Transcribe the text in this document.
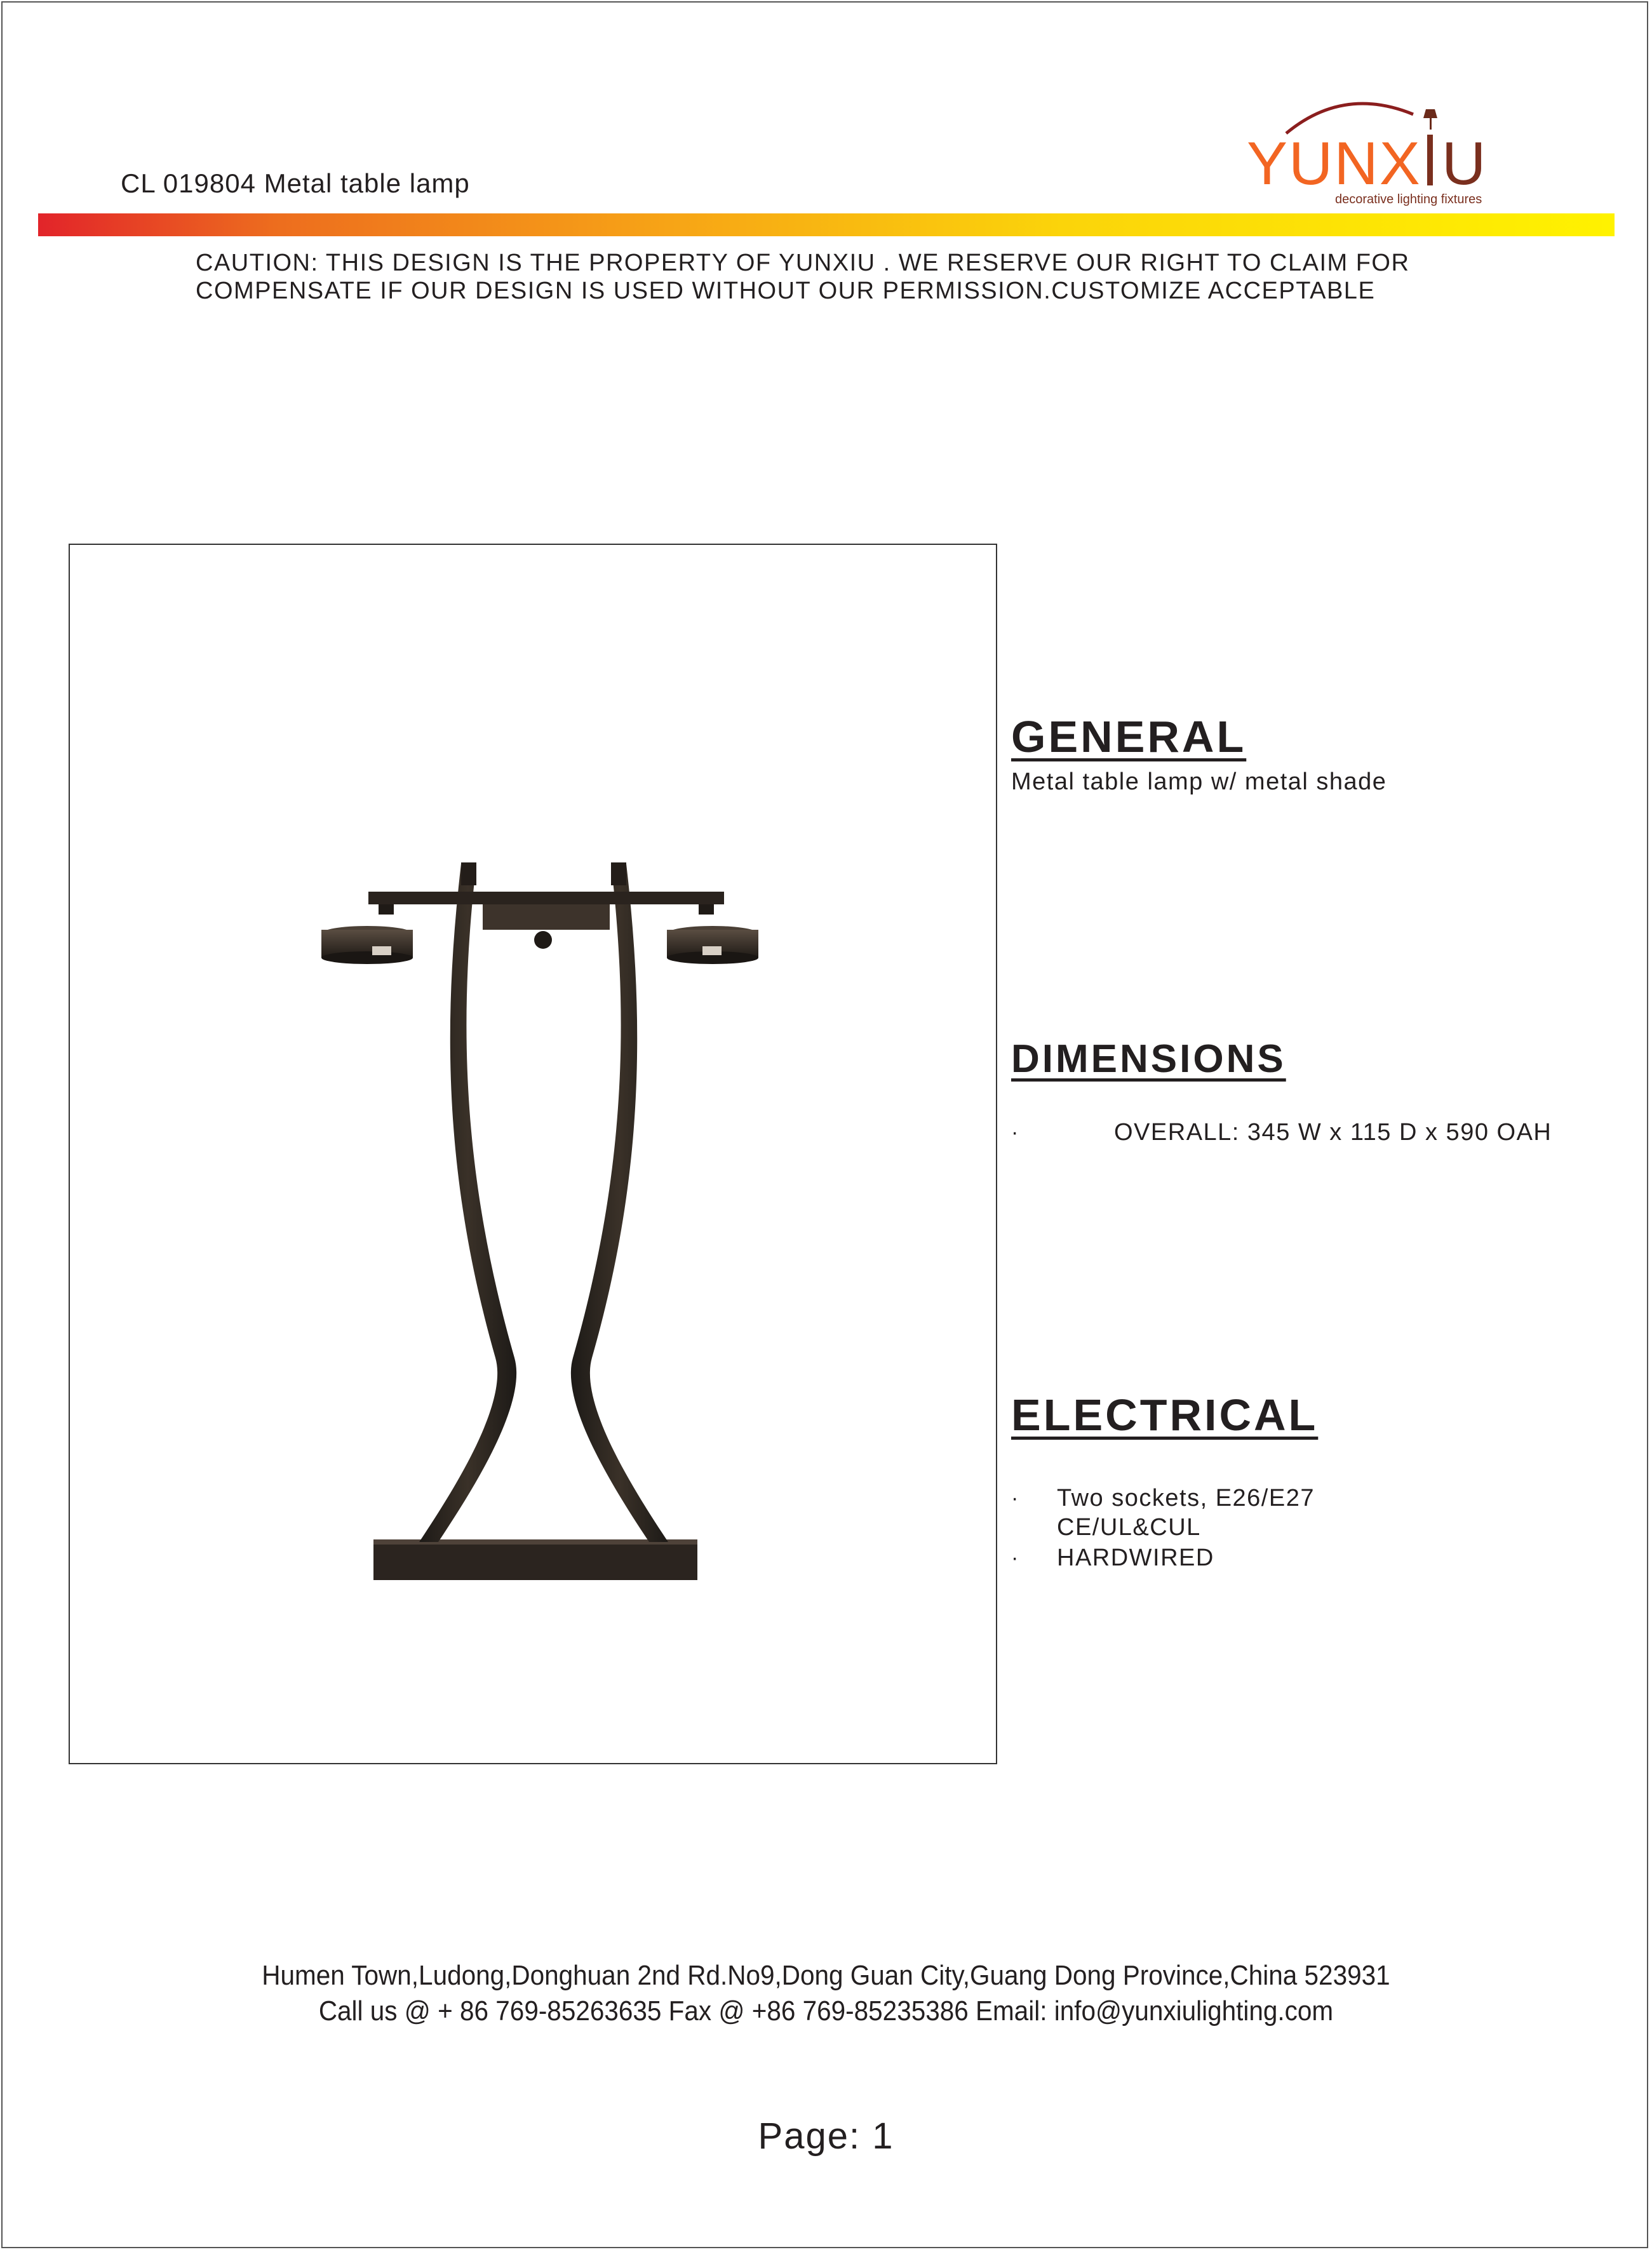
CL 019804 Metal table lamp	YUNX U
decorative lighting fixtures
CAUTION: THIS DESIGN IS THE PROPERTY OF YUNXIU . WE RESERVE OUR RIGHT TO CLAIM FOR
COMPENSATE IF OUR DESIGN IS USED WITHOUT OUR PERMISSION.CUSTOMIZE ACCEPTABLE
GENERAL
Metal table lamp w/ metal shade
DIMENSIONS
·	OVERALL: 345 W x 115 D x 590 OAH
ELECTRICAL
· Two sockets, E26/E27
CE/UL&CUL
· HARDWIRED
Humen Town,Ludong,Donghuan 2nd Rd.No9,Dong Guan City,Guang Dong Province,China 523931
Call us @ + 86 769-85263635 Fax @ +86 769-85235386 Email: info@yunxiulighting.com
Page: 1
